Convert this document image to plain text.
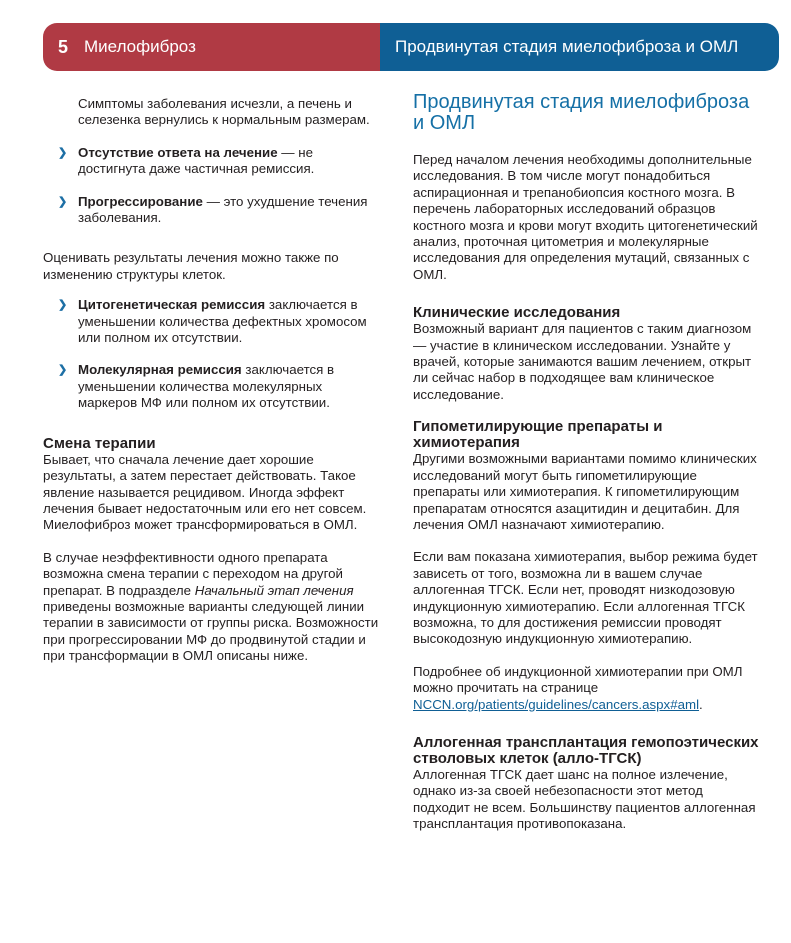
5 Миелофиброз	Продвинутая стадия миелофиброза и ОМЛ

Симптомы заболевания исчезли, а печень и селезенка вернулись к нормальным размерам.

❯ Отсутствие ответа на лечение — не достигнута даже частичная ремиссия.
❯ Прогрессирование — это ухудшение течения заболевания.

Оценивать результаты лечения можно также по изменению структуры клеток.

❯ Цитогенетическая ремиссия заключается в уменьшении количества дефектных хромосом или полном их отсутствии.
❯ Молекулярная ремиссия заключается в уменьшении количества молекулярных маркеров МФ или полном их отсутствии.
Смена терапии

Бывает, что сначала лечение дает хорошие результаты, а затем перестает действовать. Такое явление называется рецидивом. Иногда эффект лечения бывает недостаточным или его нет совсем. Миелофиброз может трансформироваться в ОМЛ.

В случае неэффективности одного препарата возможна смена терапии с переходом на другой препарат. В подразделе Начальный этап лечения приведены возможные варианты следующей линии терапии в зависимости от группы риска. Возможности при прогрессировании МФ до продвинутой стадии и при трансформации в ОМЛ описаны ниже.

Продвинутая стадия миелофиброза и ОМЛ

Перед началом лечения необходимы дополнительные исследования. В том числе могут понадобиться аспирационная и трепанобиопсия костного мозга. В перечень лабораторных исследований образцов костного мозга и крови могут входить цитогенетический анализ, проточная цитометрия и молекулярные исследования для определения мутаций, связанных с ОМЛ.

Клинические исследования

Возможный вариант для пациентов с таким диагнозом — участие в клиническом исследовании. Узнайте у врачей, которые занимаются вашим лечением, открыт ли сейчас набор в подходящее вам клиническое исследование.

Гипометилирующие препараты и химиотерапия

Другими возможными вариантами помимо клинических исследований могут быть гипометилирующие препараты или химиотерапия. К гипометилирующим препаратам относятся азацитидин и децитабин. Для лечения ОМЛ назначают химиотерапию.

Если вам показана химиотерапия, выбор режима будет зависеть от того, возможна ли в вашем случае аллогенная ТГСК. Если нет, проводят низкодозовую индукционную химиотерапию. Если аллогенная ТГСК возможна, то для достижения ремиссии проводят высокодозную индукционную химиотерапию.

Подробнее об индукционной химиотерапии при ОМЛ можно прочитать на странице NCCN.org/patients/guidelines/cancers.aspx#aml.

Аллогенная трансплантация гемопоэтических стволовых клеток (алло-ТГСК)

Аллогенная ТГСК дает шанс на полное излечение, однако из-за своей небезопасности этот метод подходит не всем. Большинству пациентов аллогенная трансплантация противопоказана.
